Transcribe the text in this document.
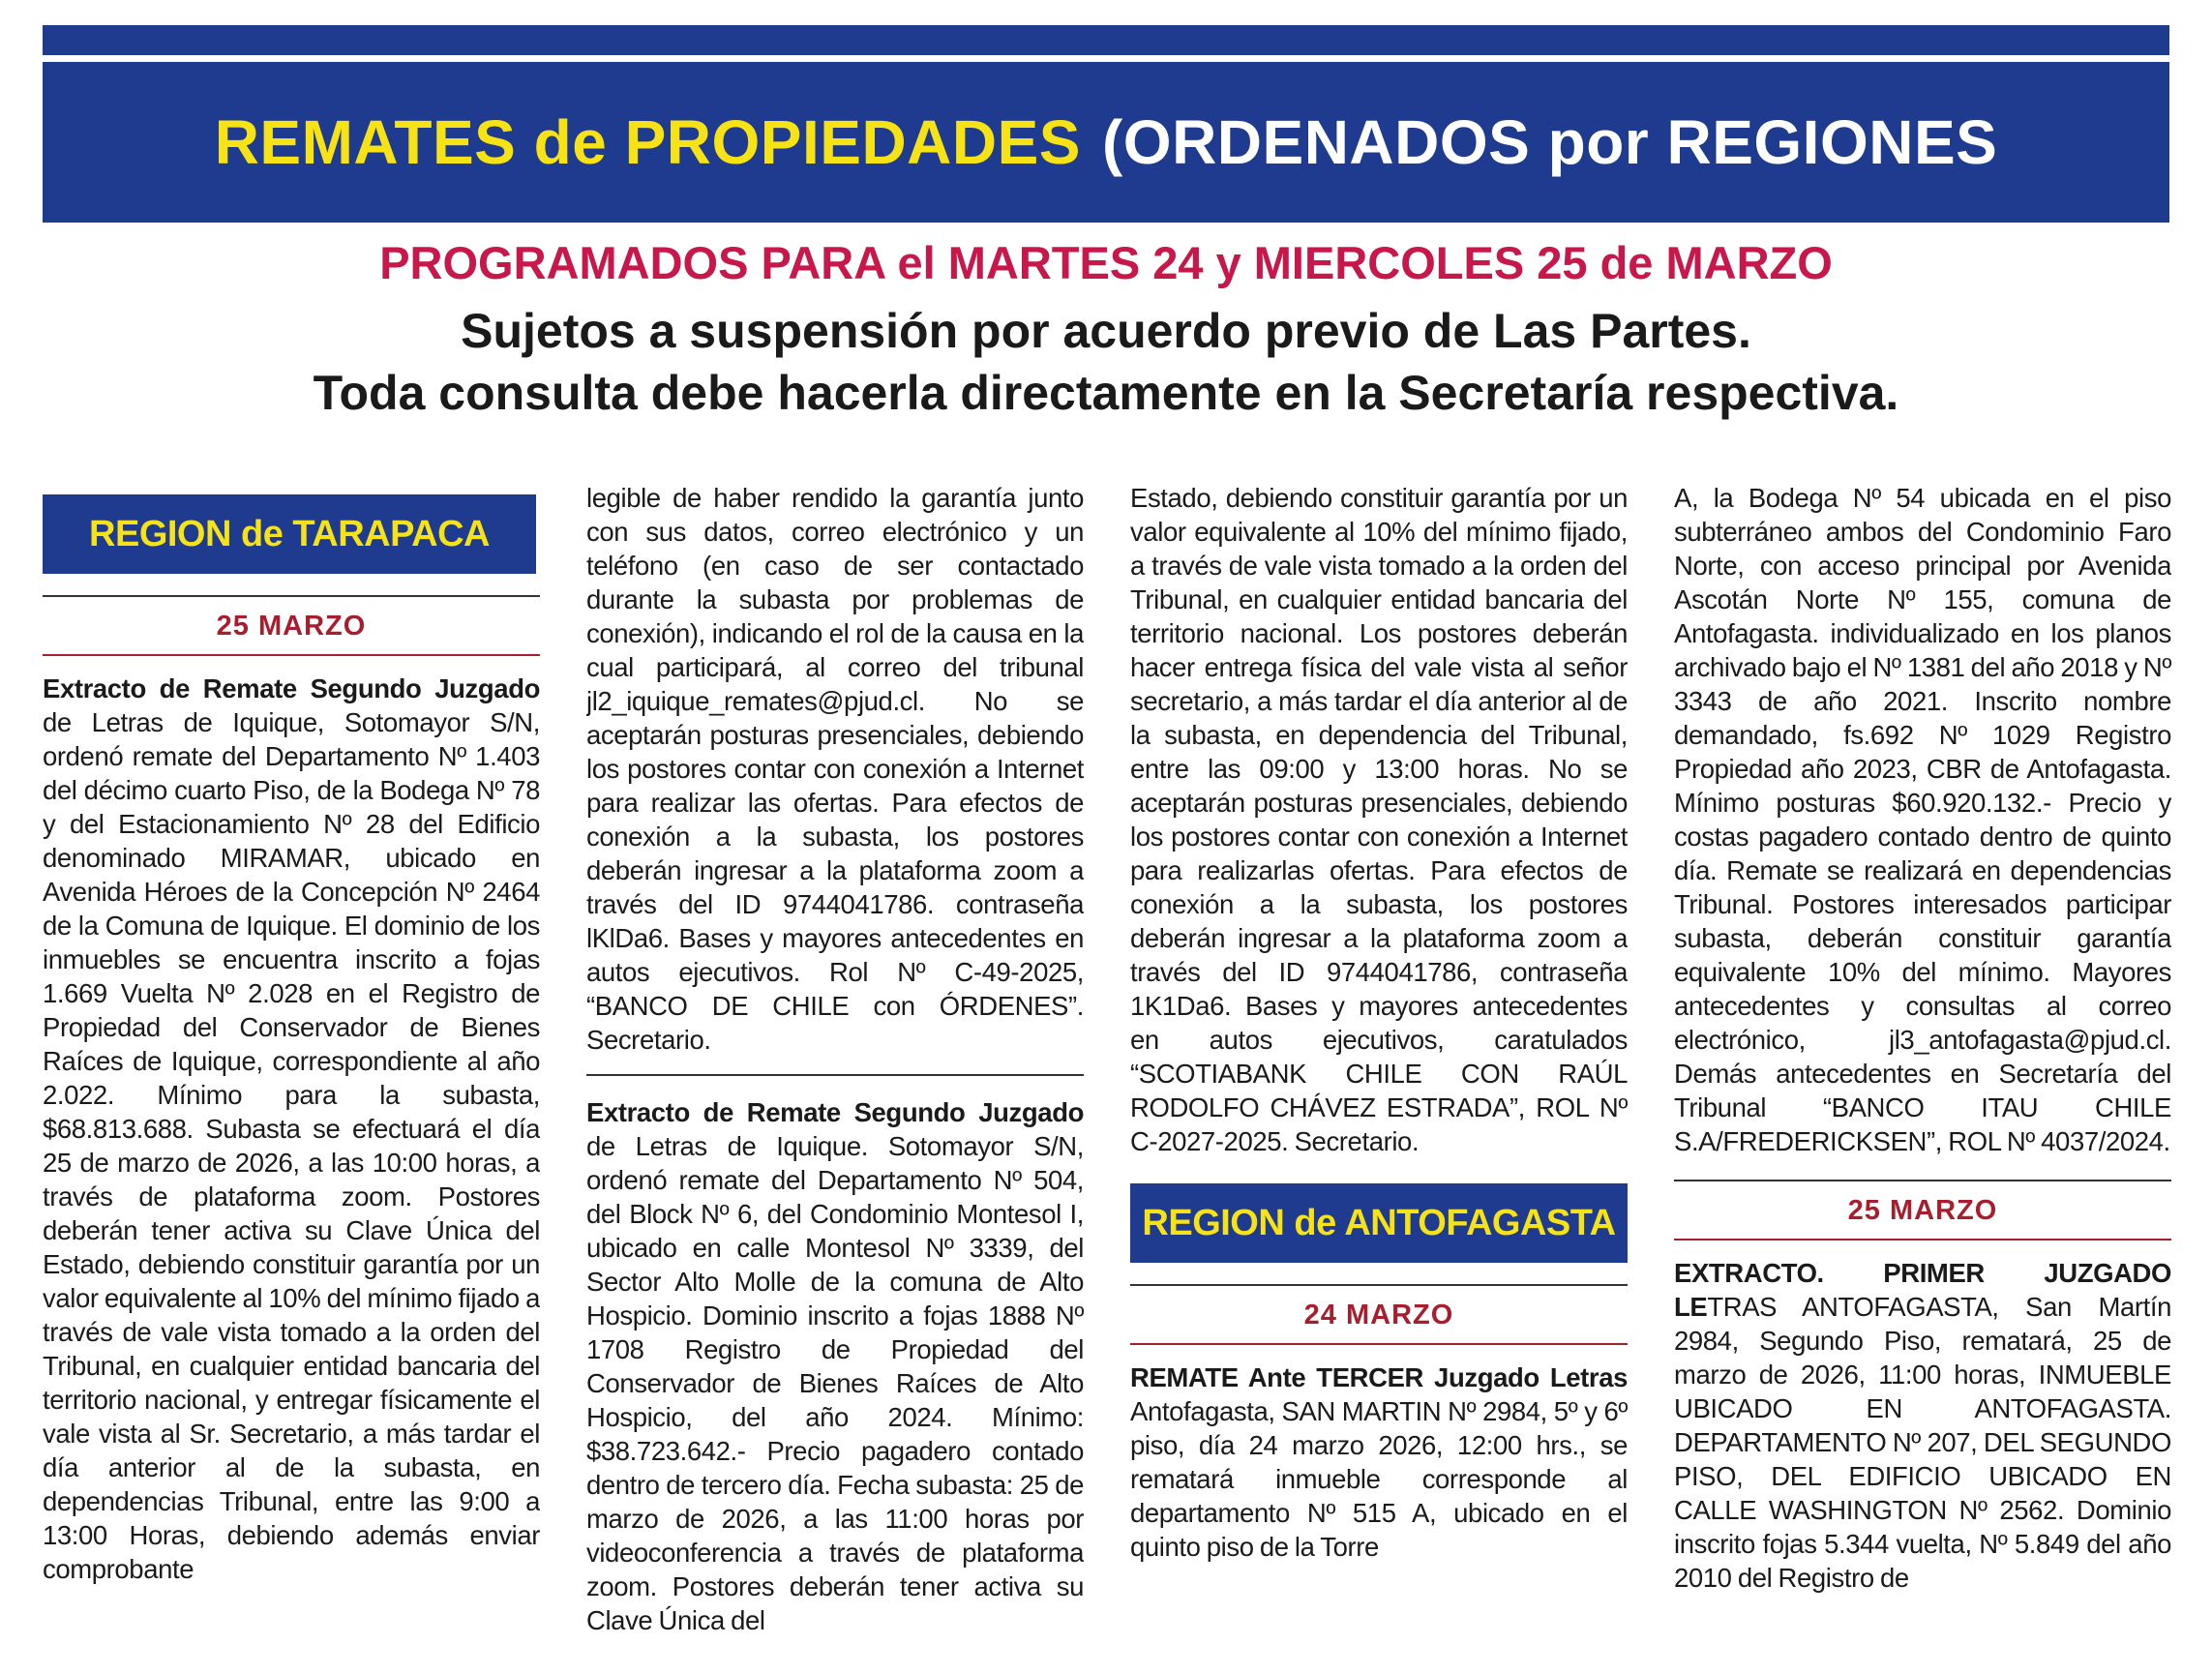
REMATES de PROPIEDADES (ORDENADOS por REGIONES
PROGRAMADOS PARA el MARTES 24 y MIERCOLES 25 de MARZO
Sujetos a suspensión por acuerdo previo de Las Partes.
Toda consulta debe hacerla directamente en la Secretaría respectiva.
REGION de TARAPACA
25 MARZO
Extracto de Remate Segundo Juzgado de Letras de Iquique, Sotomayor S/N, ordenó remate del Departamento Nº 1.403 del décimo cuarto Piso, de la Bodega Nº 78 y del Estacionamiento Nº 28 del Edificio denominado MIRAMAR, ubicado en Avenida Héroes de la Concepción Nº 2464 de la Comuna de Iquique. El dominio de los inmuebles se encuentra inscrito a fojas 1.669 Vuelta Nº 2.028 en el Registro de Propiedad del Conservador de Bienes Raíces de Iquique, correspondiente al año 2.022. Mínimo para la subasta, $68.813.688. Subasta se efectuará el día 25 de marzo de 2026, a las 10:00 horas, a través de plataforma zoom. Postores deberán tener activa su Clave Única del Estado, debiendo constituir garantía por un valor equivalente al 10% del mínimo fijado a través de vale vista tomado a la orden del Tribunal, en cualquier entidad bancaria del territorio nacional, y entregar físicamente el vale vista al Sr. Secretario, a más tardar el día anterior al de la subasta, en dependencias Tribunal, entre las 9:00 a 13:00 Horas, debiendo además enviar comprobante
legible de haber rendido la garantía junto con sus datos, correo electrónico y un teléfono (en caso de ser contactado durante la subasta por problemas de conexión), indicando el rol de la causa en la cual participará, al correo del tribunal jl2_iquique_remates@pjud.cl. No se aceptarán posturas presenciales, debiendo los postores contar con conexión a Internet para realizar las ofertas. Para efectos de conexión a la subasta, los postores deberán ingresar a la plataforma zoom a través del ID 9744041786. contraseña lKlDa6. Bases y mayores antecedentes en autos ejecutivos. Rol Nº C-49-2025, “BANCO DE CHILE con ÓRDENES”. Secretario.
Extracto de Remate Segundo Juzgado de Letras de Iquique. Sotomayor S/N, ordenó remate del Departamento Nº 504, del Block Nº 6, del Condominio Montesol I, ubicado en calle Montesol Nº 3339, del Sector Alto Molle de la comuna de Alto Hospicio. Dominio inscrito a fojas 1888 Nº 1708 Registro de Propiedad del Conservador de Bienes Raíces de Alto Hospicio, del año 2024. Mínimo: $38.723.642.- Precio pagadero contado dentro de tercero día. Fecha subasta: 25 de marzo de 2026, a las 11:00 horas por videoconferencia a través de plataforma zoom. Postores deberán tener activa su Clave Única del
Estado, debiendo constituir garantía por un valor equivalente al 10% del mínimo fijado, a través de vale vista tomado a la orden del Tribunal, en cualquier entidad bancaria del territorio nacional. Los postores deberán hacer entrega física del vale vista al señor secretario, a más tardar el día anterior al de la subasta, en dependencia del Tribunal, entre las 09:00 y 13:00 horas. No se aceptarán posturas presenciales, debiendo los postores contar con conexión a Internet para realizarlas ofertas. Para efectos de conexión a la subasta, los postores deberán ingresar a la plataforma zoom a través del ID 9744041786, contraseña 1K1Da6. Bases y mayores antecedentes en autos ejecutivos, caratulados “SCOTIABANK CHILE CON RAÚL RODOLFO CHÁVEZ ESTRADA”, ROL Nº C-2027-2025. Secretario.
REGION de ANTOFAGASTA
24 MARZO
REMATE Ante TERCER Juzgado Letras Antofagasta, SAN MARTIN Nº 2984, 5º y 6º piso, día 24 marzo 2026, 12:00 hrs., se rematará inmueble corresponde al departamento Nº 515 A, ubicado en el quinto piso de la Torre
A, la Bodega Nº 54 ubicada en el piso subterráneo ambos del Condominio Faro Norte, con acceso principal por Avenida Ascotán Norte Nº 155, comuna de Antofagasta. individualizado en los planos archivado bajo el Nº 1381 del año 2018 y Nº 3343 de año 2021. Inscrito nombre demandado, fs.692 Nº 1029 Registro Propiedad año 2023, CBR de Antofagasta. Mínimo posturas $60.920.132.- Precio y costas pagadero contado dentro de quinto día. Remate se realizará en dependencias Tribunal. Postores interesados participar subasta, deberán constituir garantía equivalente 10% del mínimo. Mayores antecedentes y consultas al correo electrónico, jl3_antofagasta@pjud.cl. Demás antecedentes en Secretaría del Tribunal “BANCO ITAU CHILE S.A/FREDERICKSEN”, ROL Nº 4037/2024.
25 MARZO
EXTRACTO. PRIMER JUZGADO LETRAS ANTOFAGASTA, San Martín 2984, Segundo Piso, rematará, 25 de marzo de 2026, 11:00 horas, INMUEBLE UBICADO EN ANTOFAGASTA. DEPARTAMENTO Nº 207, DEL SEGUNDO PISO, DEL EDIFICIO UBICADO EN CALLE WASHINGTON Nº 2562. Dominio inscrito fojas 5.344 vuelta, Nº 5.849 del año 2010 del Registro de
